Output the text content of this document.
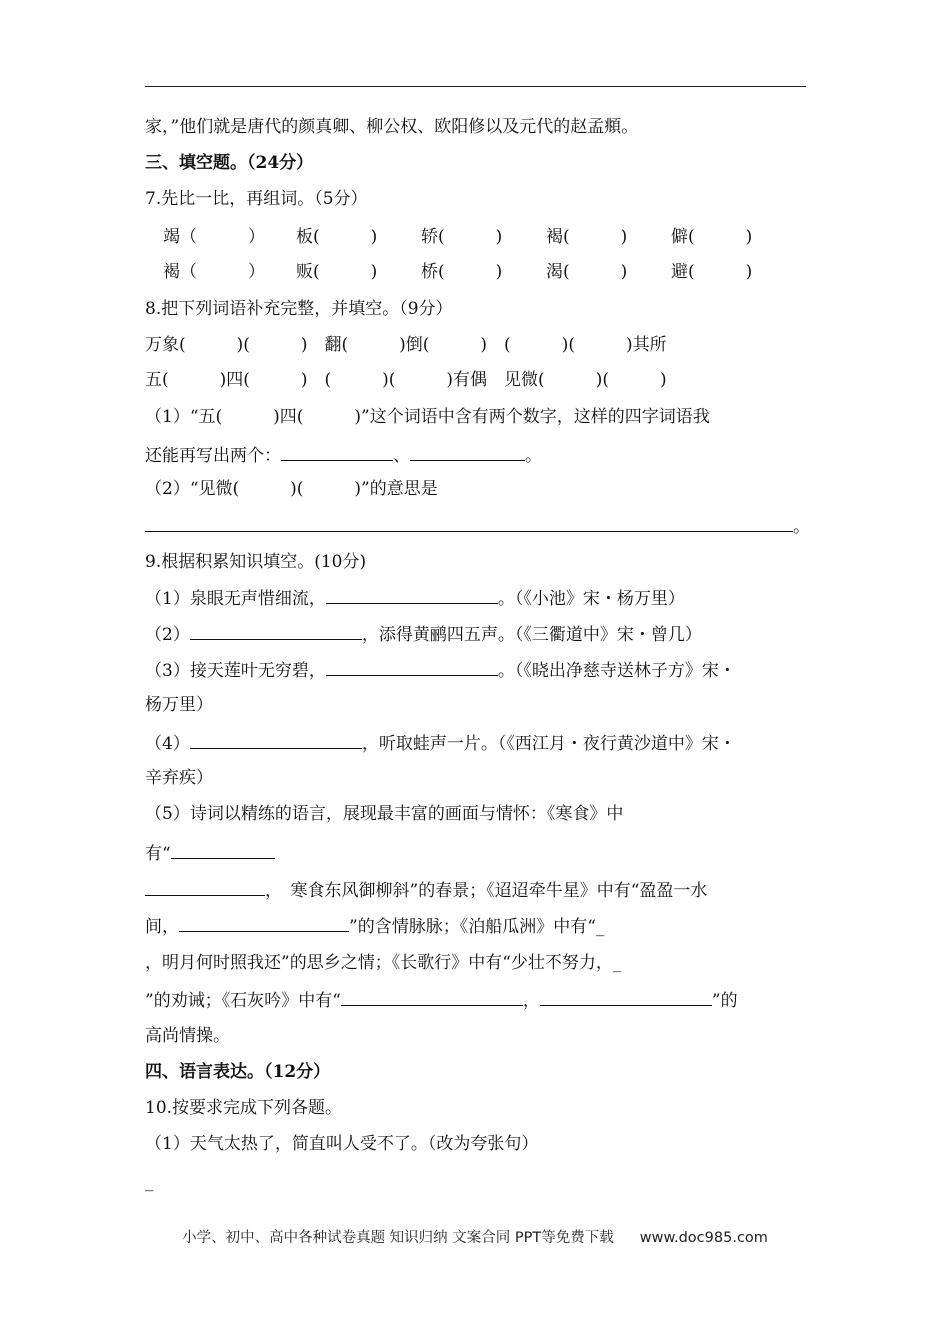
家，”他们就是唐代的颜真卿、柳公权、欧阳修以及元代的赵孟頫。
三、填空题。（24分）
7.先比一比，再组词。（5分）
竭（　　　） 板(　　　)	轿(　　　)	褐(　　　)	僻(　　　)
褐（　　　） 贩(　　　)	桥(　　　)	渴(　　　)	避(　　　)
8.把下列词语补充完整，并填空。（9分）
万象(　　　)(　　　)　翻(　　　)倒(　　　)　(　　　)(　　　)其所
五(　　　)四(　　　)　(　　　)(　　　)有偶　见微(　　　)(　　　)
（1）“五(　　　)四(　　　)”这个词语中含有两个数字，这样的四字词语我
还能再写出两个：	、	。
（2）“见微(　　　)(　　　)”的意思是
。
9.根据积累知识填空。(10分)
（1）泉眼无声惜细流，	。（《小池》宋・杨万里）
（2）	，添得黄鹂四五声。（《三衢道中》宋・曾几）
（3）接天莲叶无穷碧，	。（《晓出净慈寺送林子方》宋・
杨万里）
（4）	，听取蛙声一片。（《西江月・夜行黄沙道中》宋・
辛弃疾）
（5）诗词以精练的语言，展现最丰富的画面与情怀：《寒食》中
有“
，　寒食东风御柳斜”的春景；《迢迢牵牛星》中有“盈盈一水
间，	”的含情脉脉；《泊船瓜洲》中有“_
，明月何时照我还”的思乡之情；《长歌行》中有“少壮不努力，_
”的劝诫；《石灰吟》中有“	，	”的
高尚情操。
四、语言表达。（12分）
10.按要求完成下列各题。
（1）天气太热了，简直叫人受不了。（改为夸张句）
_
小学、初中、高中各种试卷真题 知识归纳 文案合同 PPT等免费下载 www.doc985.com
